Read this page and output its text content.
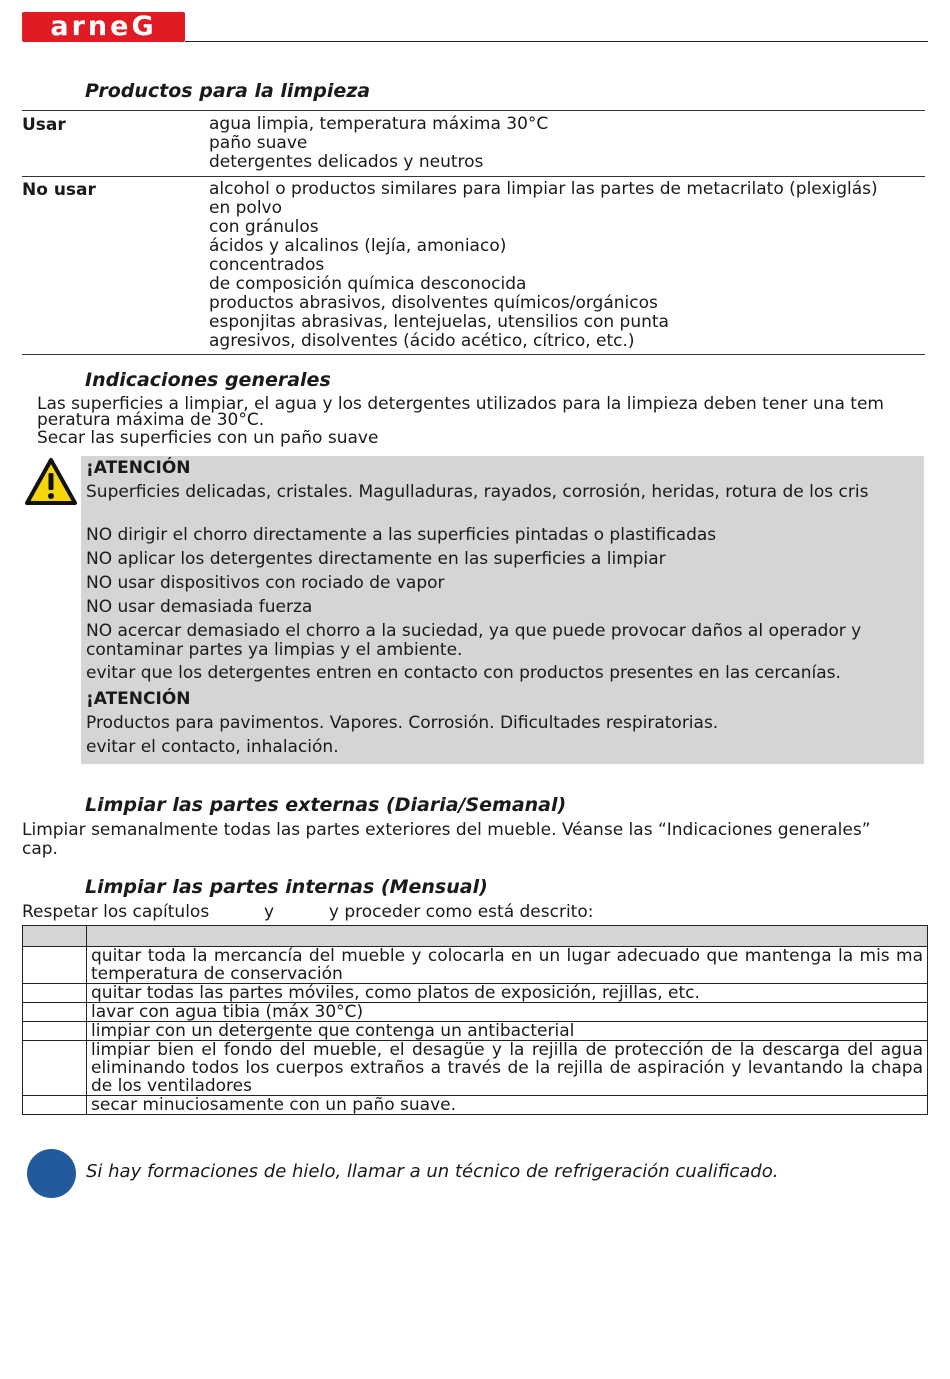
arneG
Productos para la limpieza
Usar	agua limpia, temperatura máxima 30°C
paño suave
detergentes delicados y neutros
No usar	alcohol o productos similares para limpiar las partes de metacrilato (plexiglás)
en polvo
con gránulos
ácidos y alcalinos (lejía, amoniaco)
concentrados
de composición química desconocida
productos abrasivos, disolventes químicos/orgánicos
esponjitas abrasivas, lentejuelas, utensilios con punta
agresivos, disolventes (ácido acético, cítrico, etc.)
Indicaciones generales
Las superficies a limpiar, el agua y los detergentes utilizados para la limpieza deben tener una tem
peratura máxima de 30°C.
Secar las superficies con un paño suave
¡ATENCIÓN
Superficies delicadas, cristales. Magulladuras, rayados, corrosión, heridas, rotura de los cris
NO dirigir el chorro directamente a las superficies pintadas o plastificadas
NO aplicar los detergentes directamente en las superficies a limpiar
NO usar dispositivos con rociado de vapor
NO usar demasiada fuerza
NO acercar demasiado el chorro a la suciedad, ya que puede provocar daños al operador y
contaminar partes ya limpias y el ambiente.
evitar que los detergentes entren en contacto con productos presentes en las cercanías.
¡ATENCIÓN
Productos para pavimentos. Vapores. Corrosión. Dificultades respiratorias.
evitar el contacto, inhalación.
Limpiar las partes externas (Diaria/Semanal)
Limpiar semanalmente todas las partes exteriores del mueble. Véanse las “Indicaciones generales”
cap.
Limpiar las partes internas (Mensual)
Respetar los capítulos	y	y proceder como está descrito:

	quitar toda la mercancía del mueble y colocarla en un lugar adecuado que mantenga la mis ma temperatura de conservación
	quitar todas las partes móviles, como platos de exposición, rejillas, etc.
	lavar con agua tibia (máx 30°C)
	limpiar con un detergente que contenga un antibacterial
	limpiar bien el fondo del mueble, el desagüe y la rejilla de protección de la descarga del agua eliminando todos los cuerpos extraños a través de la rejilla de aspiración y levantando la chapa de los ventiladores
	secar minuciosamente con un paño suave.
Si hay formaciones de hielo, llamar a un técnico de refrigeración cualificado.
